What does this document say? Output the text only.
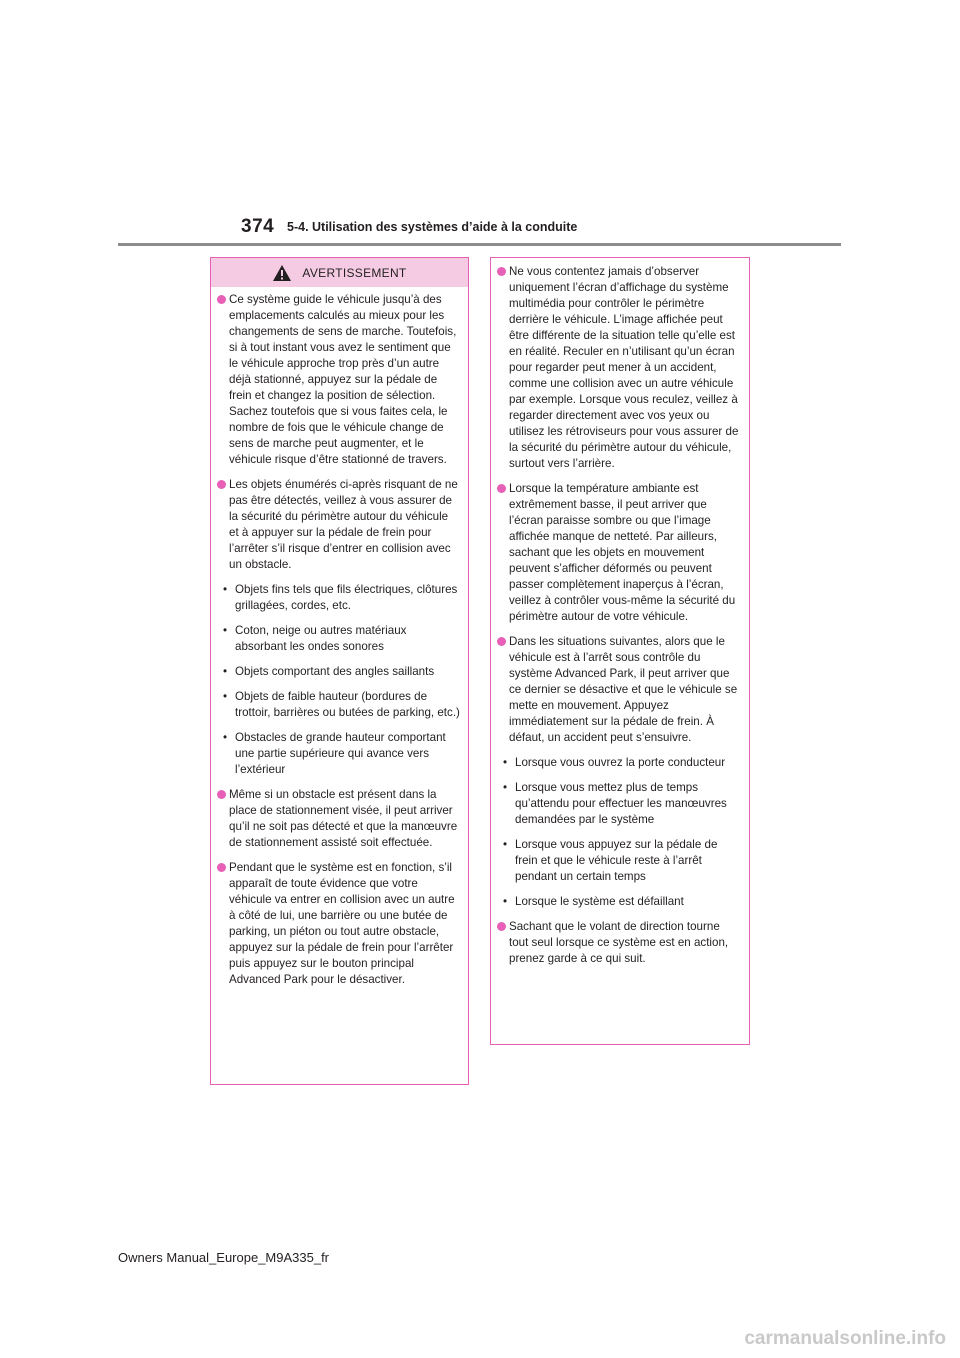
374 5-4. Utilisation des systèmes d’aide à la conduite
AVERTISSEMENT
Ce système guide le véhicule jusqu’à des emplacements calculés au mieux pour les changements de sens de marche. Toutefois, si à tout instant vous avez le sentiment que le véhicule approche trop près d’un autre déjà stationné, appuyez sur la pédale de frein et changez la position de sélection. Sachez toutefois que si vous faites cela, le nombre de fois que le véhicule change de sens de marche peut augmenter, et le véhicule risque d’être stationné de travers.
Les objets énumérés ci-après risquant de ne pas être détectés, veillez à vous assurer de la sécurité du périmètre autour du véhicule et à appuyer sur la pédale de frein pour l’arrêter s’il risque d’entrer en collision avec un obstacle.
• Objets fins tels que fils électriques, clôtures grillagées, cordes, etc.
• Coton, neige ou autres matériaux absorbant les ondes sonores
• Objets comportant des angles saillants
• Objets de faible hauteur (bordures de trottoir, barrières ou butées de parking, etc.)
• Obstacles de grande hauteur comportant une partie supérieure qui avance vers l’extérieur
Même si un obstacle est présent dans la place de stationnement visée, il peut arriver qu’il ne soit pas détecté et que la manœuvre de stationnement assisté soit effectuée.
Pendant que le système est en fonction, s’il apparaît de toute évidence que votre véhicule va entrer en collision avec un autre à côté de lui, une barrière ou une butée de parking, un piéton ou tout autre obstacle, appuyez sur la pédale de frein pour l’arrêter puis appuyez sur le bouton principal Advanced Park pour le désactiver.
Ne vous contentez jamais d’observer uniquement l’écran d’affichage du système multimédia pour contrôler le périmètre derrière le véhicule. L’image affichée peut être différente de la situation telle qu’elle est en réalité. Reculer en n’utilisant qu’un écran pour regarder peut mener à un accident, comme une collision avec un autre véhicule par exemple. Lorsque vous reculez, veillez à regarder directement avec vos yeux ou utilisez les rétroviseurs pour vous assurer de la sécurité du périmètre autour du véhicule, surtout vers l’arrière.
Lorsque la température ambiante est extrêmement basse, il peut arriver que l’écran paraisse sombre ou que l’image affichée manque de netteté. Par ailleurs, sachant que les objets en mouvement peuvent s’afficher déformés ou peuvent passer complètement inaperçus à l’écran, veillez à contrôler vous-même la sécurité du périmètre autour de votre véhicule.
Dans les situations suivantes, alors que le véhicule est à l’arrêt sous contrôle du système Advanced Park, il peut arriver que ce dernier se désactive et que le véhicule se mette en mouvement. Appuyez immédiatement sur la pédale de frein. À défaut, un accident peut s’ensuivre.
• Lorsque vous ouvrez la porte conducteur
• Lorsque vous mettez plus de temps qu’attendu pour effectuer les manœuvres demandées par le système
• Lorsque vous appuyez sur la pédale de frein et que le véhicule reste à l’arrêt pendant un certain temps
• Lorsque le système est défaillant
Sachant que le volant de direction tourne tout seul lorsque ce système est en action, prenez garde à ce qui suit.
Owners Manual_Europe_M9A335_fr
carmanualsonline.info
